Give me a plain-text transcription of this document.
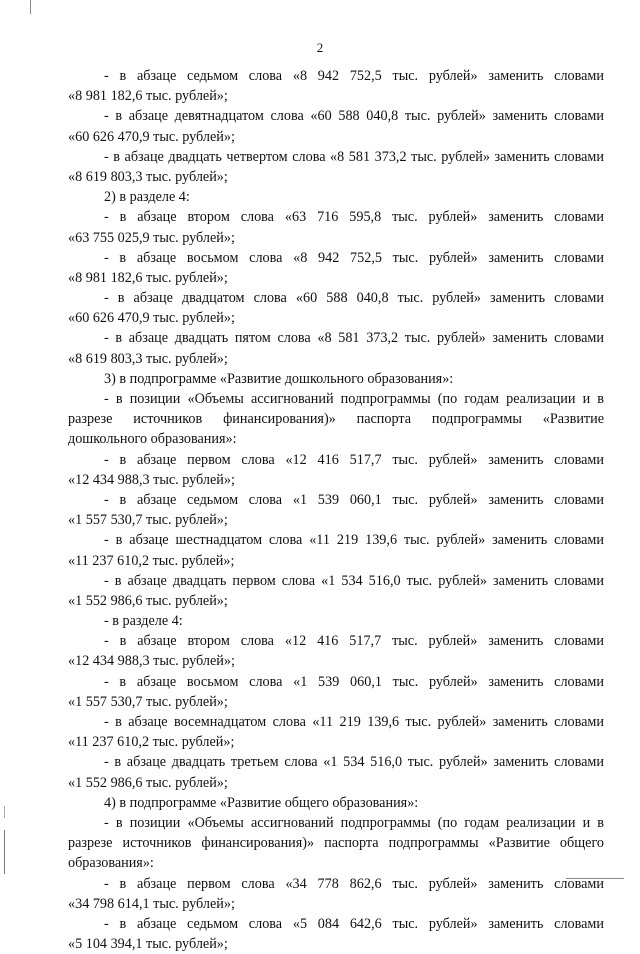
2
- в абзаце седьмом слова «8 942 752,5 тыс. рублей» заменить словами
«8 981 182,6 тыс. рублей»;
- в абзаце девятнадцатом слова «60 588 040,8 тыс. рублей» заменить словами
«60 626 470,9 тыс. рублей»;
- в абзаце двадцать четвертом слова «8 581 373,2 тыс. рублей» заменить словами
«8 619 803,3 тыс. рублей»;
2) в разделе 4:
- в абзаце втором слова «63 716 595,8 тыс. рублей» заменить словами
«63 755 025,9 тыс. рублей»;
- в абзаце восьмом слова «8 942 752,5 тыс. рублей» заменить словами
«8 981 182,6 тыс. рублей»;
- в абзаце двадцатом слова «60 588 040,8 тыс. рублей» заменить словами
«60 626 470,9 тыс. рублей»;
- в абзаце двадцать пятом слова «8 581 373,2 тыс. рублей» заменить словами
«8 619 803,3 тыс. рублей»;
3) в подпрограмме «Развитие дошкольного образования»:
- в позиции «Объемы ассигнований подпрограммы (по годам реализации и в
разрезе источников финансирования)» паспорта подпрограммы «Развитие
дошкольного образования»:
- в абзаце первом слова «12 416 517,7 тыс. рублей» заменить словами
«12 434 988,3 тыс. рублей»;
- в абзаце седьмом слова «1 539 060,1 тыс. рублей» заменить словами
«1 557 530,7 тыс. рублей»;
- в абзаце шестнадцатом слова «11 219 139,6 тыс. рублей» заменить словами
«11 237 610,2 тыс. рублей»;
- в абзаце двадцать первом слова «1 534 516,0 тыс. рублей» заменить словами
«1 552 986,6 тыс. рублей»;
- в разделе 4:
- в абзаце втором слова «12 416 517,7 тыс. рублей» заменить словами
«12 434 988,3 тыс. рублей»;
- в абзаце восьмом слова «1 539 060,1 тыс. рублей» заменить словами
«1 557 530,7 тыс. рублей»;
- в абзаце восемнадцатом слова «11 219 139,6 тыс. рублей» заменить словами
«11 237 610,2 тыс. рублей»;
- в абзаце двадцать третьем слова «1 534 516,0 тыс. рублей» заменить словами
«1 552 986,6 тыс. рублей»;
4) в подпрограмме «Развитие общего образования»:
- в позиции «Объемы ассигнований подпрограммы (по годам реализации и в
разрезе источников финансирования)» паспорта подпрограммы «Развитие общего
образования»:
- в абзаце первом слова «34 778 862,6 тыс. рублей» заменить словами
«34 798 614,1 тыс. рублей»;
- в абзаце седьмом слова «5 084 642,6 тыс. рублей» заменить словами
«5 104 394,1 тыс. рублей»;
